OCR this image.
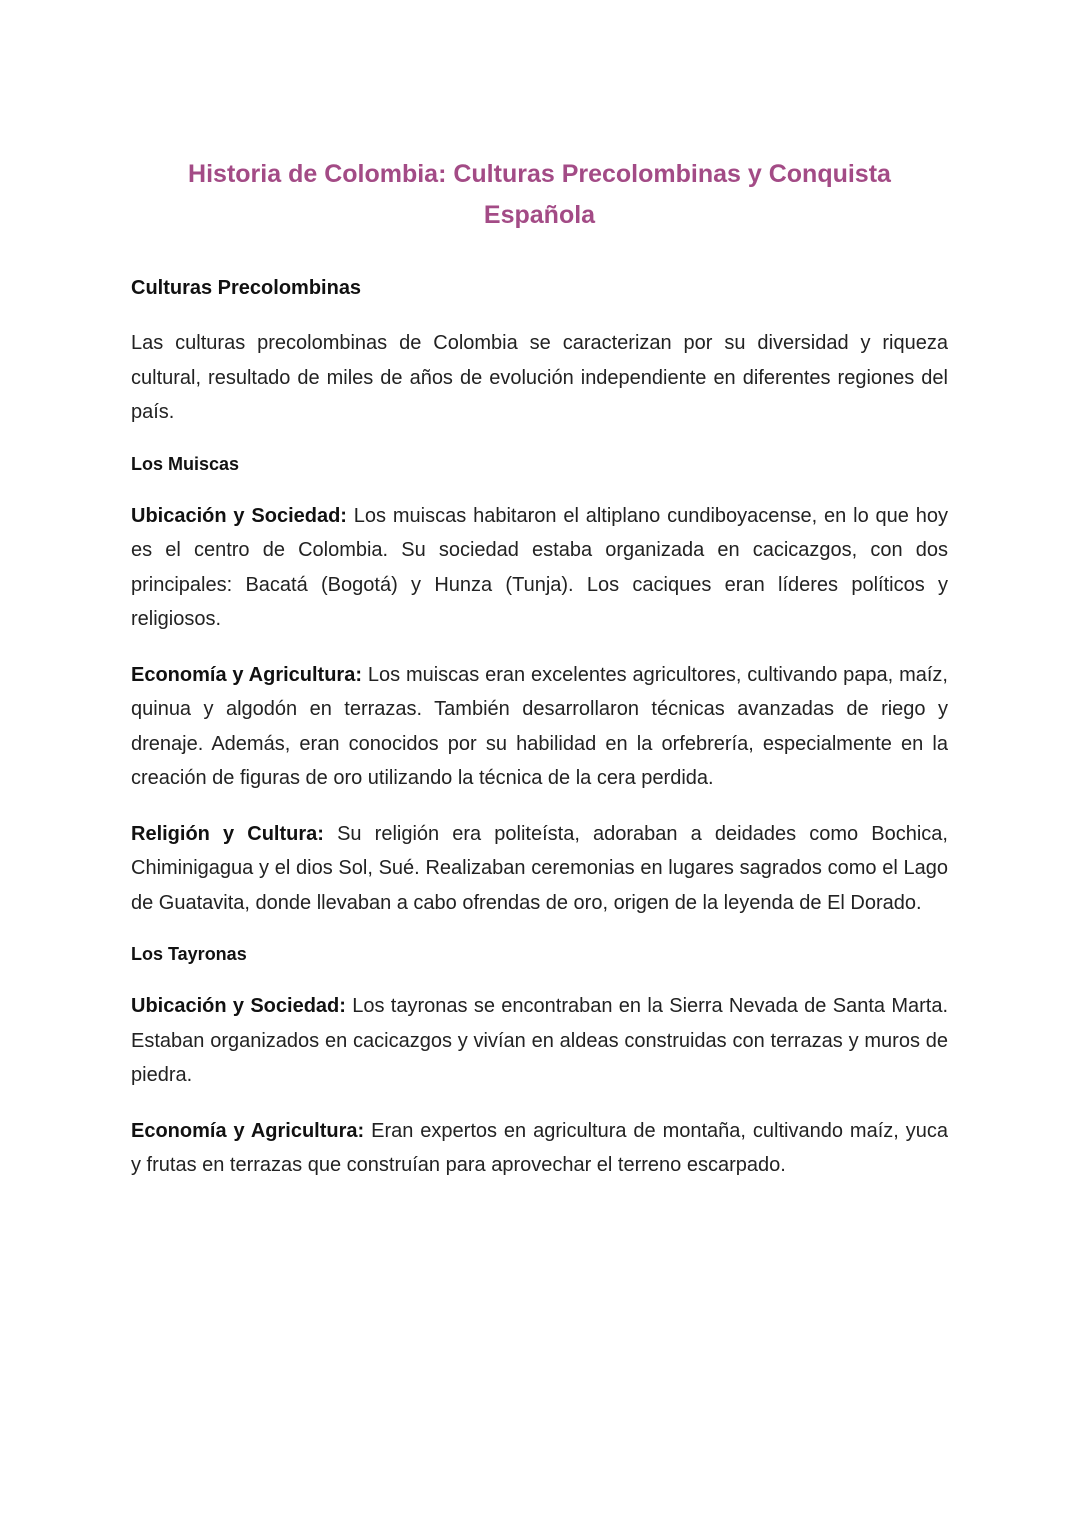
Historia de Colombia: Culturas Precolombinas y Conquista Española
Culturas Precolombinas

Las culturas precolombinas de Colombia se caracterizan por su diversidad y riqueza cultural, resultado de miles de años de evolución independiente en diferentes regiones del país.

Los Muiscas

Ubicación y Sociedad: Los muiscas habitaron el altiplano cundiboyacense, en lo que hoy es el centro de Colombia. Su sociedad estaba organizada en cacicazgos, con dos principales: Bacatá (Bogotá) y Hunza (Tunja). Los caciques eran líderes políticos y religiosos.

Economía y Agricultura: Los muiscas eran excelentes agricultores, cultivando papa, maíz, quinua y algodón en terrazas. También desarrollaron técnicas avanzadas de riego y drenaje. Además, eran conocidos por su habilidad en la orfebrería, especialmente en la creación de figuras de oro utilizando la técnica de la cera perdida.

Religión y Cultura: Su religión era politeísta, adoraban a deidades como Bochica, Chiminigagua y el dios Sol, Sué. Realizaban ceremonias en lugares sagrados como el Lago de Guatavita, donde llevaban a cabo ofrendas de oro, origen de la leyenda de El Dorado.

Los Tayronas

Ubicación y Sociedad: Los tayronas se encontraban en la Sierra Nevada de Santa Marta. Estaban organizados en cacicazgos y vivían en aldeas construidas con terrazas y muros de piedra.

Economía y Agricultura: Eran expertos en agricultura de montaña, cultivando maíz, yuca y frutas en terrazas que construían para aprovechar el terreno escarpado.
